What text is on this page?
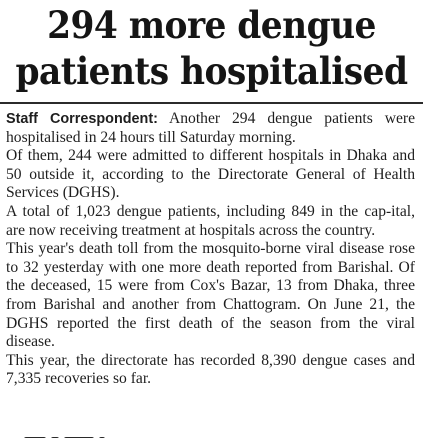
294 more dengue
patients hospitalised

Staff Correspondent: Another 294 dengue patients were hospitalised in 24 hours till Saturday morning.

Of them, 244 were admitted to different hospitals in Dhaka and 50 outside it, according to the Directorate General of Health Services (DGHS).

A total of 1,023 dengue patients, including 849 in the cap-ital, are now receiving treatment at hospitals across the country.

This year's death toll from the mosquito-borne viral disease rose to 32 yesterday with one more death reported from Barishal. Of the deceased, 15 were from Cox's Bazar, 13 from Dhaka, three from Barishal and another from Chattogram. On June 21, the DGHS reported the first death of the season from the viral disease.

This year, the directorate has recorded 8,390 dengue cases and 7,335 recoveries so far.
